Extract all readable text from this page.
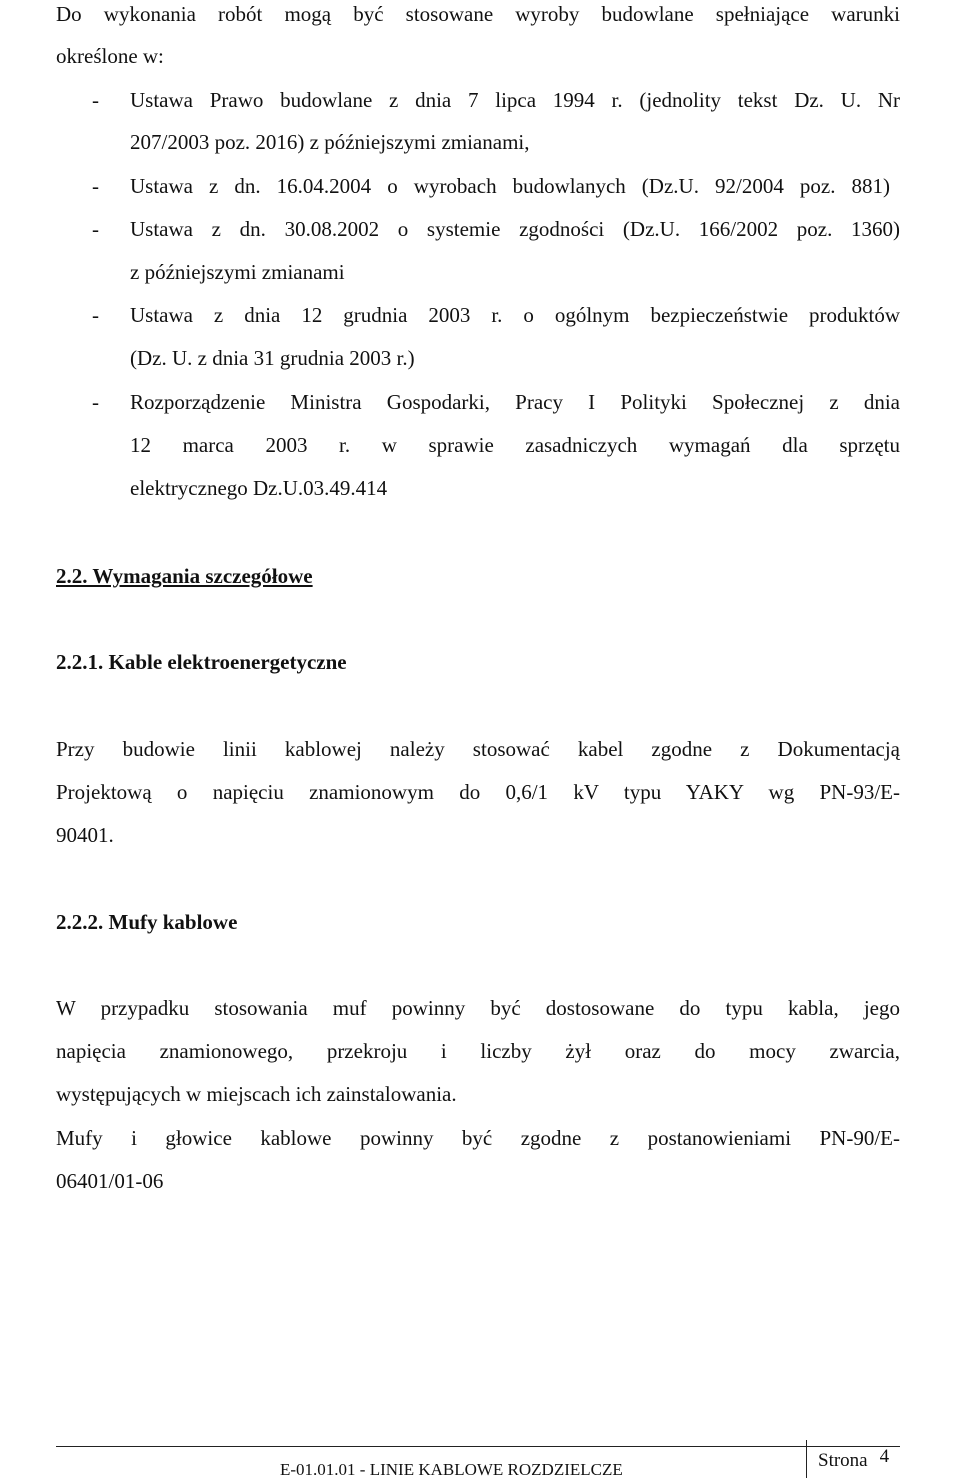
Do wykonania robót mogą być stosowane wyroby budowlane spełniające warunki
określone w:
- Ustawa Prawo budowlane z dnia 7 lipca 1994 r. (jednolity tekst Dz. U. Nr
207/2003 poz. 2016) z późniejszymi zmianami,
- Ustawa z dn. 16.04.2004 o wyrobach budowlanych (Dz.U. 92/2004 poz. 881)
- Ustawa z dn. 30.08.2002 o systemie zgodności (Dz.U. 166/2002 poz. 1360)
z późniejszymi zmianami
- Ustawa z dnia 12 grudnia 2003 r. o ogólnym bezpieczeństwie produktów
(Dz. U. z dnia 31 grudnia 2003 r.)
- Rozporządzenie Ministra Gospodarki, Pracy I Polityki Społecznej z dnia
12 marca 2003 r. w sprawie zasadniczych wymagań dla sprzętu
elektrycznego Dz.U.03.49.414
2.2. Wymagania szczegółowe
2.2.1. Kable elektroenergetyczne
Przy budowie linii kablowej należy stosować kabel zgodne z Dokumentacją
Projektową o napięciu znamionowym do 0,6/1 kV typu YAKY wg PN-93/E-
90401.
2.2.2. Mufy kablowe
W przypadku stosowania muf powinny być dostosowane do typu kabla, jego
napięcia znamionowego, przekroju i liczby żył oraz do mocy zwarcia,
występujących w miejscach ich zainstalowania.
Mufy i głowice kablowe powinny być zgodne z postanowieniami PN-90/E-
06401/01-06
E-01.01.01 - LINIE KABLOWE ROZDZIELCZE	Strona 4
